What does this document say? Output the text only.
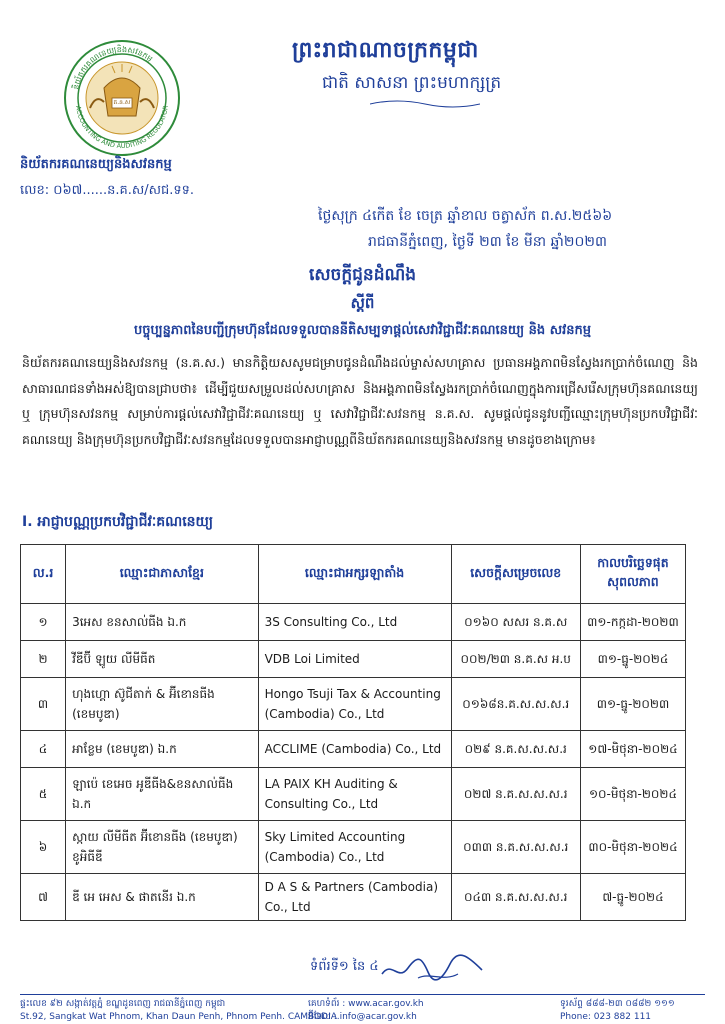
គ.ន.ស
ACCOUNTING AND AUDITING REGULATOR
និយ័តករគណនេយ្យនិងសវនកម្ម
និយ័តករគណនេយ្យនិងសវនកម្ម
លេខ: ០៦៧......ន.គ.ស/សជ.ទទ.
ព្រះរាជាណាចក្រកម្ពុជា
ជាតិ សាសនា ព្រះមហាក្សត្រ
ថ្ងៃសុក្រ ៤កើត ខែ ចេត្រ ឆ្នាំខាល ចត្វាស័ក ព.ស.២៥៦៦
រាជធានីភ្នំពេញ, ថ្ងៃទី ២៣ ខែ មីនា ឆ្នាំ២០២៣
សេចក្តីជូនដំណឹង
ស្តីពី
បច្ចុប្បន្នភាពនៃបញ្ជីក្រុមហ៊ុនដែលទទួលបាននីតិសម្បទាផ្តល់សេវាវិជ្ជាជីវៈគណនេយ្យ និង សវនកម្ម
និយ័តករគណនេយ្យនិងសវនកម្ម (ន.គ.ស.) មានកិត្តិយសសូមជម្រាបជូនដំណឹងដល់ម្ចាស់សហគ្រាស ប្រធានអង្គភាពមិនស្វែងរកប្រាក់ចំណេញ និងសាធារណជនទាំងអស់ឱ្យបានជ្រាបថា៖ ដើម្បីជួយសម្រួលដល់សហគ្រាស និងអង្គភាពមិនស្វែងរកប្រាក់ចំណេញក្នុងការជ្រើសរើសក្រុមហ៊ុនគណនេយ្យ ឬ ក្រុមហ៊ុនសវនកម្ម សម្រាប់ការផ្តល់សេវាវិជ្ជាជីវៈគណនេយ្យ ឬ សេវាវិជ្ជាជីវៈសវនកម្ម ន.គ.ស. សូមផ្តល់ជូននូវបញ្ជីឈ្មោះក្រុមហ៊ុនប្រកបវិជ្ជាជីវៈគណនេយ្យ និងក្រុមហ៊ុនប្រកបវិជ្ជាជីវៈសវនកម្មដែលទទួលបានអាជ្ញាបណ្ណពីនិយ័តករគណនេយ្យនិងសវនកម្ម មានដូចខាងក្រោម៖
I. អាជ្ញាបណ្ណប្រកបវិជ្ជាជីវៈគណនេយ្យ
ល.រ	ឈ្មោះជាភាសាខ្មែរ	ឈ្មោះជាអក្សរឡាតាំង	សេចក្តីសម្រេចលេខ	កាលបរិច្ឆេទផុតសុពលភាព
១	3អេស ខនសាល់ធីង ឯ.ក	3S Consulting Co., Ltd	០១៦០ សសរ ន.គ.ស	៣១-កក្កដា-២០២៣
២	វីឌីប៊ី ឡូយ លីមីធីត	VDB Loi Limited	០០២/២៣ ន.គ.ស អ.ប	៣១-ធ្នូ-២០២៤
៣	ហុងហ្គោ ស៊ូជីតាក់ & អ៊ីខោនធីង (ខេមបូឌា)	Hongo Tsuji Tax & Accounting (Cambodia) Co., Ltd	០១៦៨ន.គ.ស.ស.ស.រ	៣១-ធ្នូ-២០២៣
៤	អាខ្លែម (ខេមបូឌា) ឯ.ក	ACCLIME (Cambodia) Co., Ltd	០២៩ ន.គ.ស.ស.ស.រ	១៧-មិថុនា-២០២៤
៥	ឡាប៉េ ខេអេច អូឌីធីង&ខនសាល់ធីង ឯ.ក	LA PAIX KH Auditing & Consulting Co., Ltd	០២៧ ន.គ.ស.ស.ស.រ	១០-មិថុនា-២០២៤
៦	ស្កាយ លីមីធីត អ៊ីខោនធីង (ខេមបូឌា) ខូអិធីឌី	Sky Limited Accounting (Cambodia) Co., Ltd	០៣៣ ន.គ.ស.ស.ស.រ	៣០-មិថុនា-២០២៤
៧	ឌី អេ អេស & ផាតនើរ ឯ.ក	D A S & Partners (Cambodia) Co., Ltd	០៤៣ ន.គ.ស.ស.ស.រ	៧-ធ្នូ-២០២៤
ទំព័រទី១ នៃ ៤
ផ្ទះលេខ ៩២ សង្កាត់វត្តភ្នំ ខណ្ឌដូនពេញ រាជធានីភ្នំពេញ កម្ពុជា
St.92, Sangkat Wat Phnom, Khan Daun Penh, Phnom Penh. CAMBODIA.
គេហទំព័រ : www.acar.gov.kh
អ៊ីមែល : info@acar.gov.kh
ទូរស័ព្ទ ៨៨៨-២៣ ០៨៨២ ១១១
Phone: 023 882 111
